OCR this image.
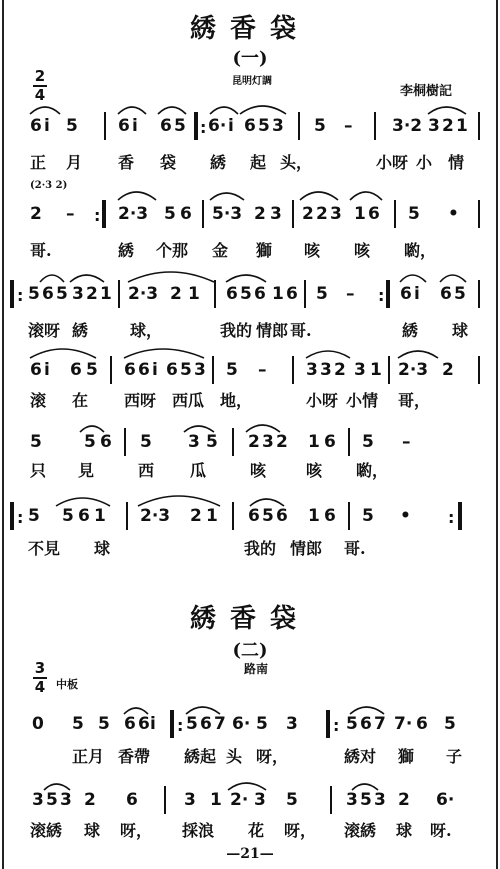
綉香袋
(一)
昆明灯調
李桐樹記
2
4
6 i 5 6 i 6 5 : 6· i 6 5 3 5 – 3·2 3 2 1
正 月 香 袋 綉 起 头，	小呀 小 情
(2·3 2)
2 – : 2·3 5 6 5·3 2 3 2 2 3 1 6 5 •
哥.	綉 个那 金 獅 咳 咳 喲，
: 5 6 5 3 2 1 2·3 2 1 6 5 6 1 6 5 – : 6 i 6 5
滚呀 綉	球，	我的 情郎 哥.	綉 球
6 i 6 5 6 6 i 6 5 3 5 – 3 3 2 3 1 2·3 2
滚 在 西呀 西瓜 地，	小呀 小情 哥，
5 5 6 5 3 5 2 3 2 1 6 5 –
只 見	西 瓜	咳 咳 喲，
: 5 5 6 1 2·3 2 1 6 5 6 1 6 5 • :
不見 球	我的 情郎 哥.
綉香袋
(二)
路南
3
4 中板
0 5 5 6 6 i : 5 6 7 6· 5 3 : 5 6 7 7· 6 5
正月 香帶 綉起 头 呀，	綉对 獅 子
3 5 3 2 6	3 1 2· 3 5	3 5 3 2 6·
滚綉 球 呀， 採浪 花 呀， 滚綉 球 呀.
—21—
